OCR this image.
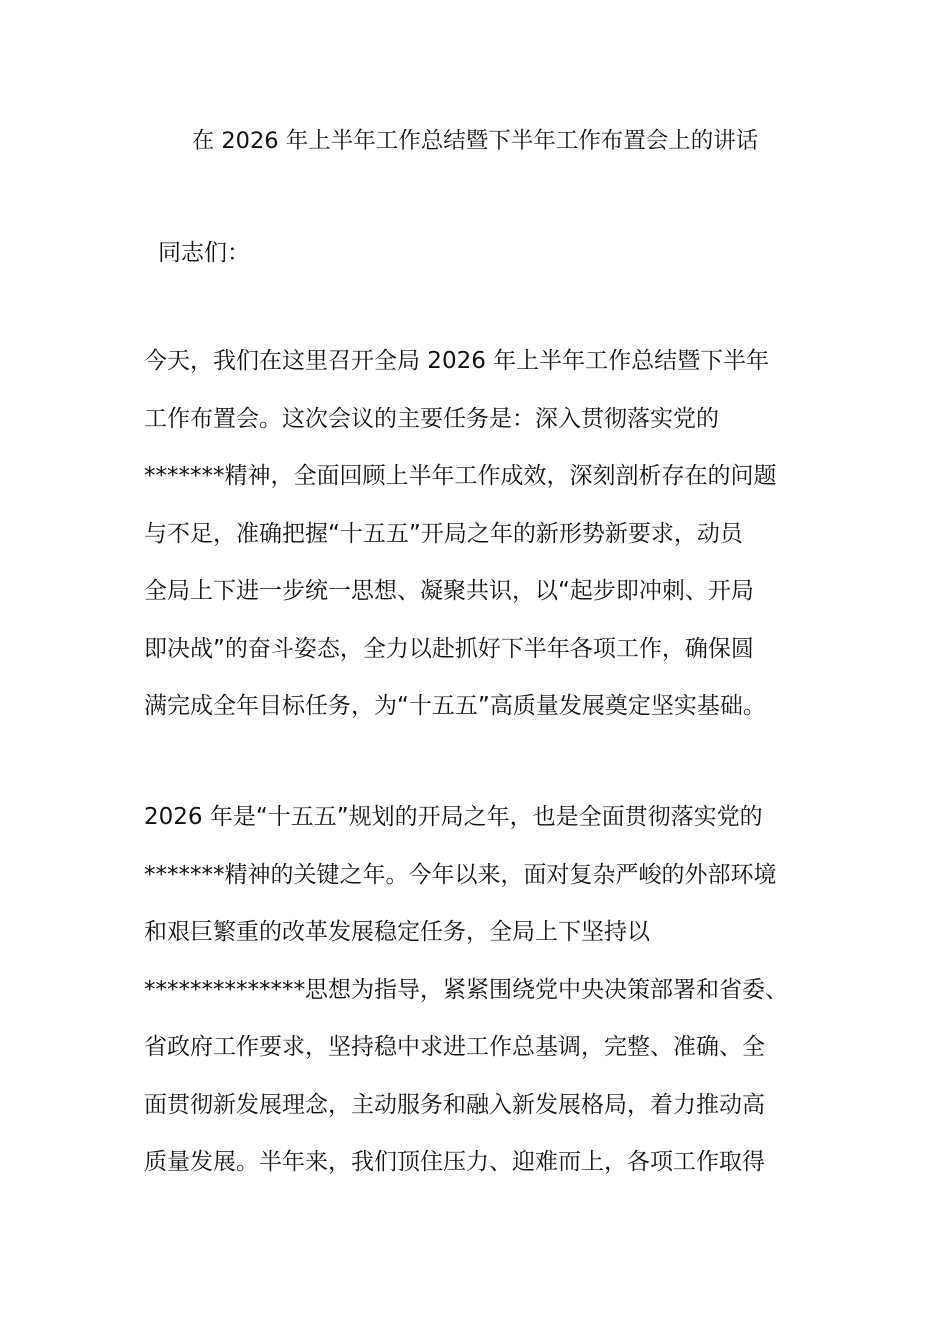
在 2026 年上半年工作总结暨下半年工作布置会上的讲话
同志们：
今天，我们在这里召开全局 2026 年上半年工作总结暨下半年
工作布置会。这次会议的主要任务是：深入贯彻落实党的
*******精神，全面回顾上半年工作成效，深刻剖析存在的问题
与不足，准确把握“十五五”开局之年的新形势新要求，动员
全局上下进一步统一思想、凝聚共识，以“起步即冲刺、开局
即决战”的奋斗姿态，全力以赴抓好下半年各项工作，确保圆
满完成全年目标任务，为“十五五”高质量发展奠定坚实基础。
2026 年是“十五五”规划的开局之年，也是全面贯彻落实党的
*******精神的关键之年。今年以来，面对复杂严峻的外部环境
和艰巨繁重的改革发展稳定任务，全局上下坚持以
**************思想为指导，紧紧围绕党中央决策部署和省委、
省政府工作要求，坚持稳中求进工作总基调，完整、准确、全
面贯彻新发展理念，主动服务和融入新发展格局，着力推动高
质量发展。半年来，我们顶住压力、迎难而上，各项工作取得
